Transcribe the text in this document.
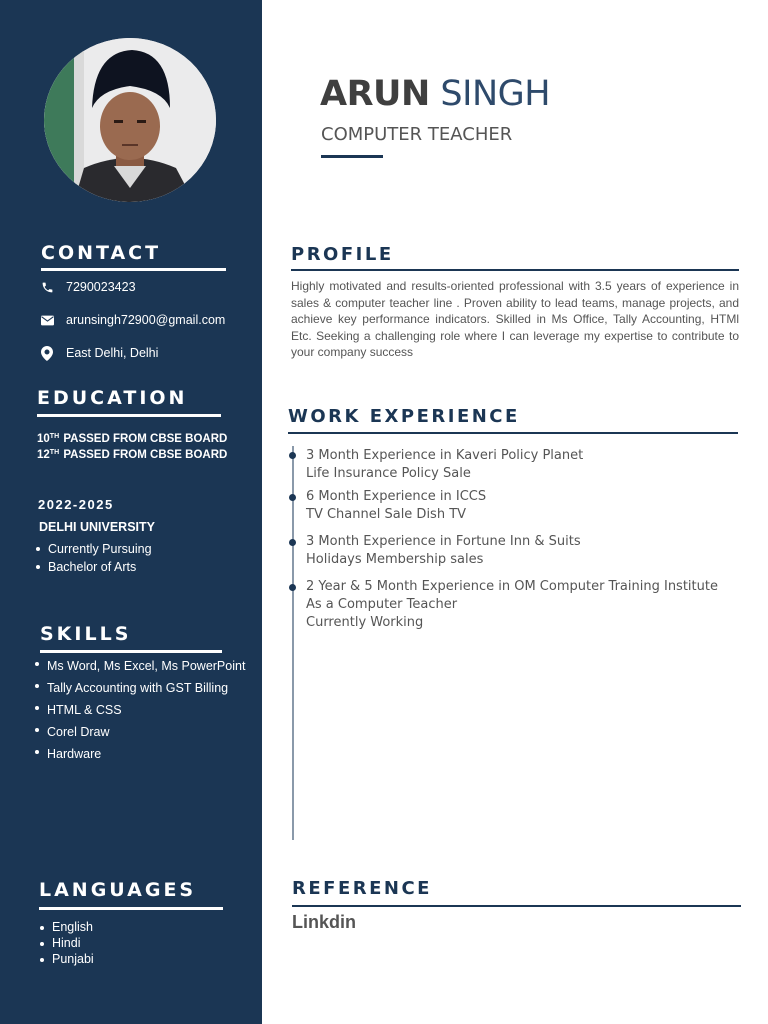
CONTACT
7290023423
arunsingh72900@gmail.com
East Delhi, Delhi
EDUCATION
10TH PASSED FROM CBSE BOARD
12TH PASSED FROM CBSE BOARD
2022-2025
DELHI UNIVERSITY
Currently Pursuing
Bachelor of Arts
SKILLS
Ms Word, Ms Excel, Ms PowerPoint
Tally Accounting with GST Billing
HTML & CSS
Corel Draw
Hardware
LANGUAGES
English
Hindi
Punjabi
ARUN SINGH
COMPUTER TEACHER
PROFILE
Highly motivated and results-oriented professional with 3.5 years of experience in sales & computer teacher line . Proven ability to lead teams, manage projects, and achieve key performance indicators. Skilled in Ms Office, Tally Accounting, HTMl Etc. Seeking a challenging role where I can leverage my expertise to contribute to your company success
WORK EXPERIENCE
3 Month Experience in Kaveri Policy Planet
Life Insurance Policy Sale
6 Month Experience in ICCS
TV Channel Sale Dish TV
3 Month Experience in Fortune Inn & Suits
Holidays Membership sales
2 Year & 5 Month Experience in OM Computer Training Institute
As a Computer Teacher
Currently Working
REFERENCE
Linkdin
